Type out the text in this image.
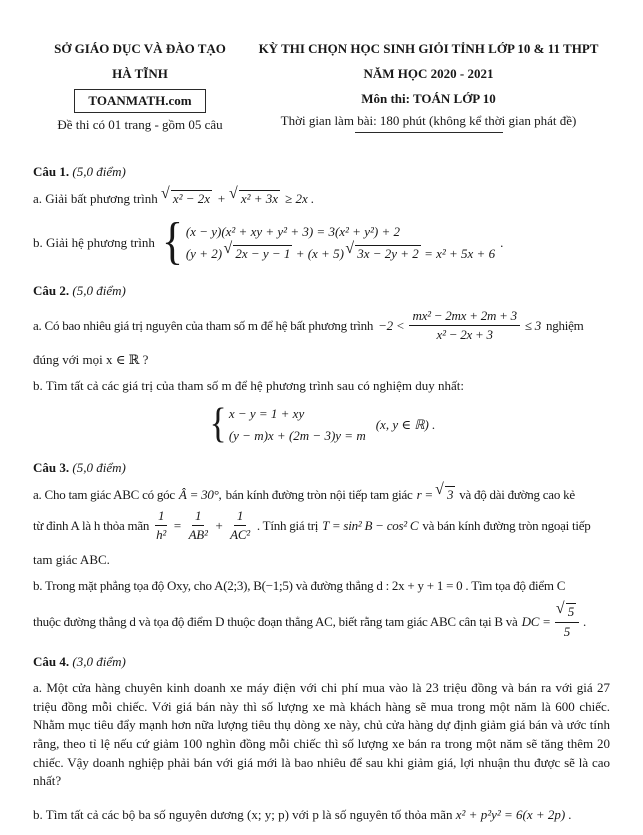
SỞ GIÁO DỤC VÀ ĐÀO TẠO
HÀ TĨNH
TOANMATH.com
Đề thi có 01 trang - gồm 05 câu
KỲ THI CHỌN HỌC SINH GIỎI TỈNH LỚP 10 & 11 THPT
NĂM HỌC 2020 - 2021
Môn thi: TOÁN LỚP 10
Thời gian làm bài: 180 phút (không kể thời gian phát đề)

Câu 1. (5,0 điểm)

a. Giải bất phương trình √ x² − 2x + √ x² + 3x ≥ 2x .
b. Giải hệ phương trình { (x − y)(x² + xy + y² + 3) = 3(x² + y²) + 2
(y + 2) √ 2x − y − 1 + (x + 5) √ 3x − 2y + 2 = x² + 5x + 6
.

Câu 2. (5,0 điểm)

a. Có bao nhiêu giá trị nguyên của tham số m để hệ bất phương trình $-2 < \frac{\text{mx² − 2mx + 2m + 3}}{\text{x² − 2x + 3}} \le 3$ nghiệm

đúng với mọi x ∈ ℝ ?

b. Tìm tất cả các giá trị của tham số m để hệ phương trình sau có nghiệm duy nhất:

{ x − y = 1 + xy
(y − m)x + (2m − 3)y = m
(x, y ∈ ℝ) .

Câu 3. (5,0 điểm)

a. Cho tam giác ABC có góc Â = 30°, bán kính đường tròn nội tiếp tam giác r = √ 3 và độ dài đường cao kẻ
từ đỉnh A là h thỏa mãn $\frac{1}{\text{h²}} = \frac{1}{\text{AB²}} + \frac{1}{\text{AC²}}$ . Tính giá trị T = sin² B − cos² C và bán kính đường tròn ngoại tiếp

tam giác ABC.

b. Trong mặt phẳng tọa độ Oxy, cho A(2;3), B(−1;5) và đường thẳng d : 2x + y + 1 = 0 . Tìm tọa độ điểm C

thuộc đường thẳng d và tọa độ điểm D thuộc đoạn thẳng AC, biết rằng tam giác ABC cân tại B và DC = √ $\frac{5}{5}$ .

Câu 4. (3,0 điểm)

a. Một cửa hàng chuyên kinh doanh xe máy điện với chi phí mua vào là 23 triệu đồng và bán ra với giá 27 triệu đồng mỗi chiếc. Với giá bán này thì số lượng xe mà khách hàng sẽ mua trong một năm là 600 chiếc. Nhằm mục tiêu đẩy mạnh hơn nữa lượng tiêu thụ dòng xe này, chủ cửa hàng dự định giảm giá bán và ước tính rằng, theo tỉ lệ nếu cứ giảm 100 nghìn đồng mỗi chiếc thì số lượng xe bán ra trong một năm sẽ tăng thêm 20 chiếc. Vậy doanh nghiệp phải bán với giá mới là bao nhiêu để sau khi giảm giá, lợi nhuận thu được sẽ là cao nhất?

b. Tìm tất cả các bộ ba số nguyên dương (x; y; p) với p là số nguyên tố thỏa mãn x² + p²y² = 6(x + 2p) .
